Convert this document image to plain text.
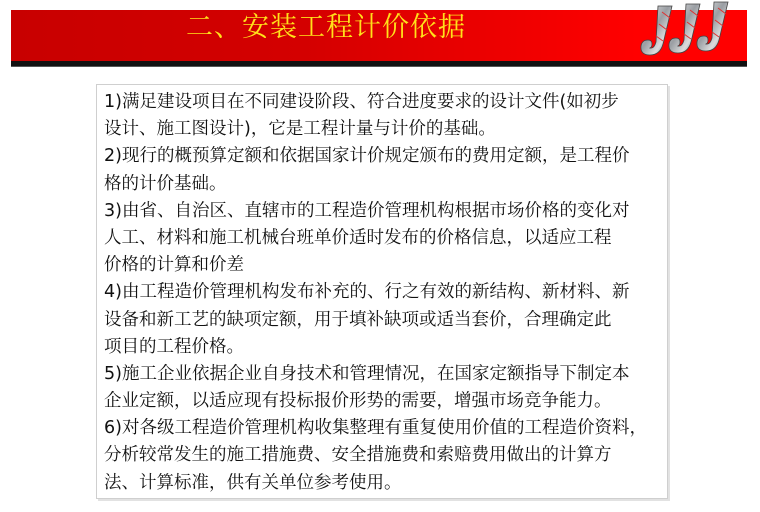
二、安装工程计价依据
1)满足建设项目在不同建设阶段、符合进度要求的设计文件(如初步
设计、施工图设计)，它是工程计量与计价的基础。
2)现行的概预算定额和依据国家计价规定颁布的费用定额，是工程价
格的计价基础。
3)由省、自治区、直辖市的工程造价管理机构根据市场价格的变化对
人工、材料和施工机械台班单价适时发布的价格信息，以适应工程
价格的计算和价差
4)由工程造价管理机构发布补充的、行之有效的新结构、新材料、新
设备和新工艺的缺项定额，用于填补缺项或适当套价，合理确定此
项目的工程价格。
5)施工企业依据企业自身技术和管理情况，在国家定额指导下制定本
企业定额，以适应现有投标报价形势的需要，增强市场竞争能力。
6)对各级工程造价管理机构收集整理有重复使用价值的工程造价资料，
分析较常发生的施工措施费、安全措施费和索赔费用做出的计算方
法、计算标准，供有关单位参考使用。
